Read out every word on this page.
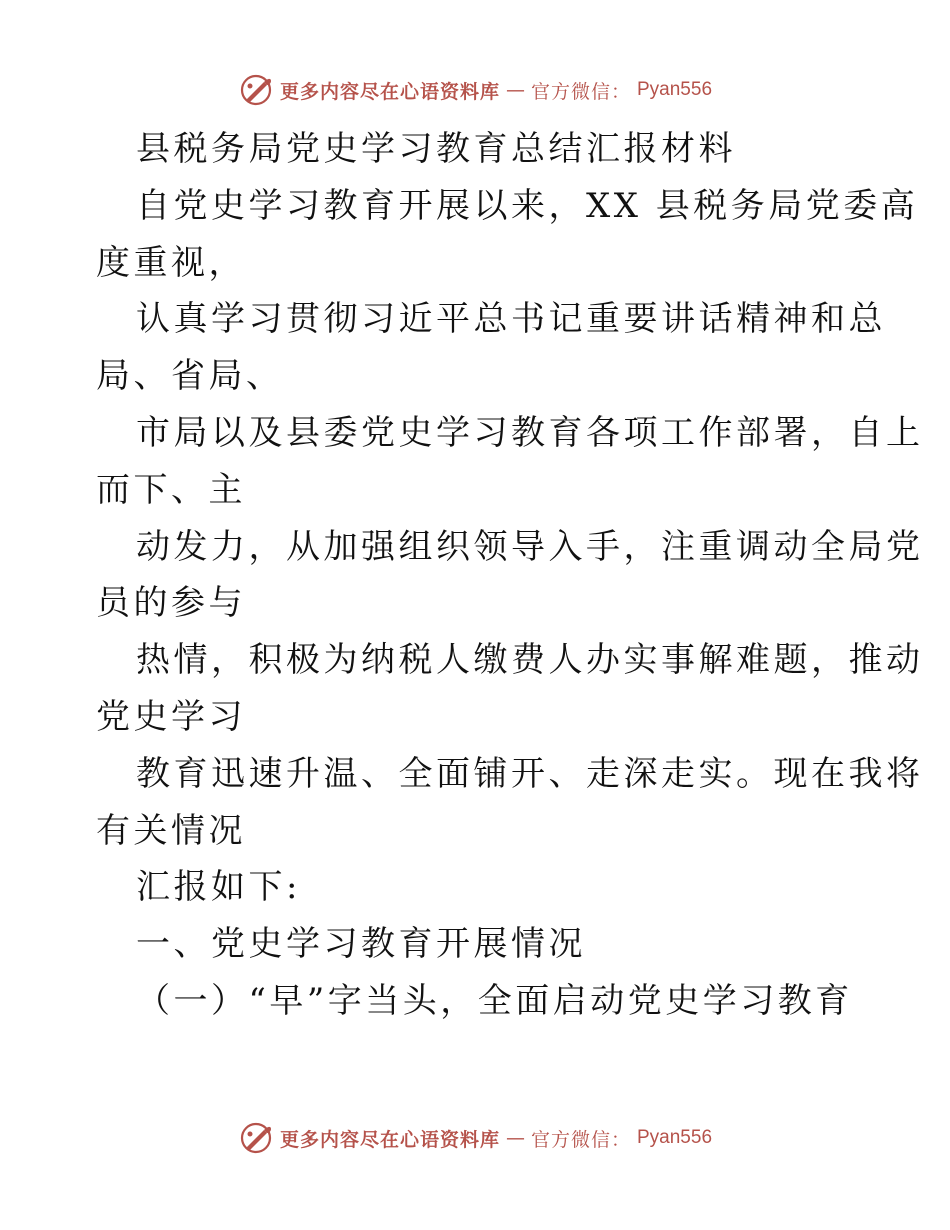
更多内容尽在心语资料库 — 官方微信： Pyan556

县税务局党史学习教育总结汇报材料

自党史学习教育开展以来，XX 县税务局党委高

度重视，

认真学习贯彻习近平总书记重要讲话精神和总

局、省局、

市局以及县委党史学习教育各项工作部署，自上

而下、主

动发力，从加强组织领导入手，注重调动全局党

员的参与

热情，积极为纳税人缴费人办实事解难题，推动

党史学习

教育迅速升温、全面铺开、走深走实。现在我将

有关情况

汇报如下:

一、党史学习教育开展情况

（一）“早”字当头，全面启动党史学习教育

更多内容尽在心语资料库 — 官方微信： Pyan556
